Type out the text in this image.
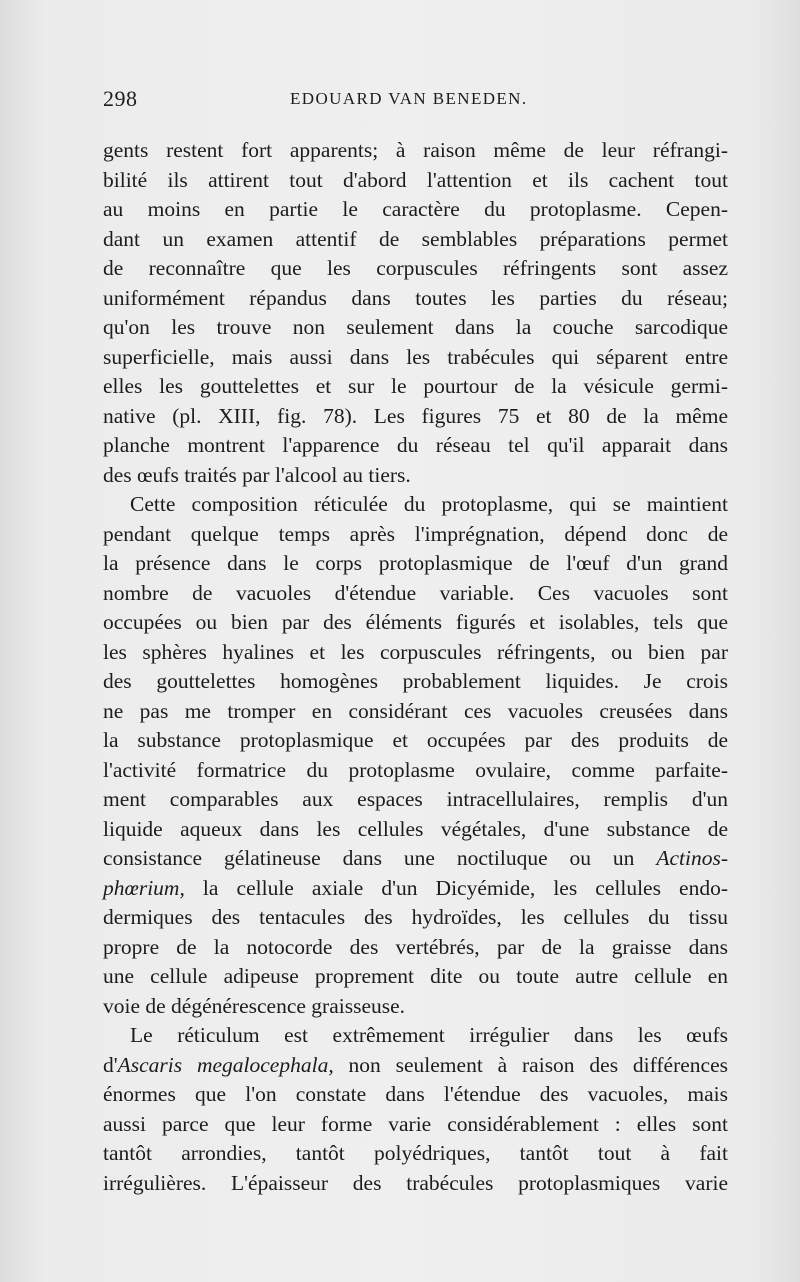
298	EDOUARD VAN BENEDEN.
gents restent fort apparents; à raison même de leur réfrangi-
bilité ils attirent tout d'abord l'attention et ils cachent tout
au moins en partie le caractère du protoplasme. Cepen-
dant un examen attentif de semblables préparations permet
de reconnaître que les corpuscules réfringents sont assez
uniformément répandus dans toutes les parties du réseau;
qu'on les trouve non seulement dans la couche sarcodique
superficielle, mais aussi dans les trabécules qui séparent entre
elles les gouttelettes et sur le pourtour de la vésicule germi-
native (pl. XIII, fig. 78). Les figures 75 et 80 de la même
planche montrent l'apparence du réseau tel qu'il apparait dans
des œufs traités par l'alcool au tiers.
Cette composition réticulée du protoplasme, qui se maintient
pendant quelque temps après l'imprégnation, dépend donc de
la présence dans le corps protoplasmique de l'œuf d'un grand
nombre de vacuoles d'étendue variable. Ces vacuoles sont
occupées ou bien par des éléments figurés et isolables, tels que
les sphères hyalines et les corpuscules réfringents, ou bien par
des gouttelettes homogènes probablement liquides. Je crois
ne pas me tromper en considérant ces vacuoles creusées dans
la substance protoplasmique et occupées par des produits de
l'activité formatrice du protoplasme ovulaire, comme parfaite-
ment comparables aux espaces intracellulaires, remplis d'un
liquide aqueux dans les cellules végétales, d'une substance de
consistance gélatineuse dans une noctiluque ou un Actinos-
phœrium, la cellule axiale d'un Dicyémide, les cellules endo-
dermiques des tentacules des hydroïdes, les cellules du tissu
propre de la notocorde des vertébrés, par de la graisse dans
une cellule adipeuse proprement dite ou toute autre cellule en
voie de dégénérescence graisseuse.
Le réticulum est extrêmement irrégulier dans les œufs
d'Ascaris megalocephala, non seulement à raison des différences
énormes que l'on constate dans l'étendue des vacuoles, mais
aussi parce que leur forme varie considérablement : elles sont
tantôt arrondies, tantôt polyédriques, tantôt tout à fait
irrégulières. L'épaisseur des trabécules protoplasmiques varie
